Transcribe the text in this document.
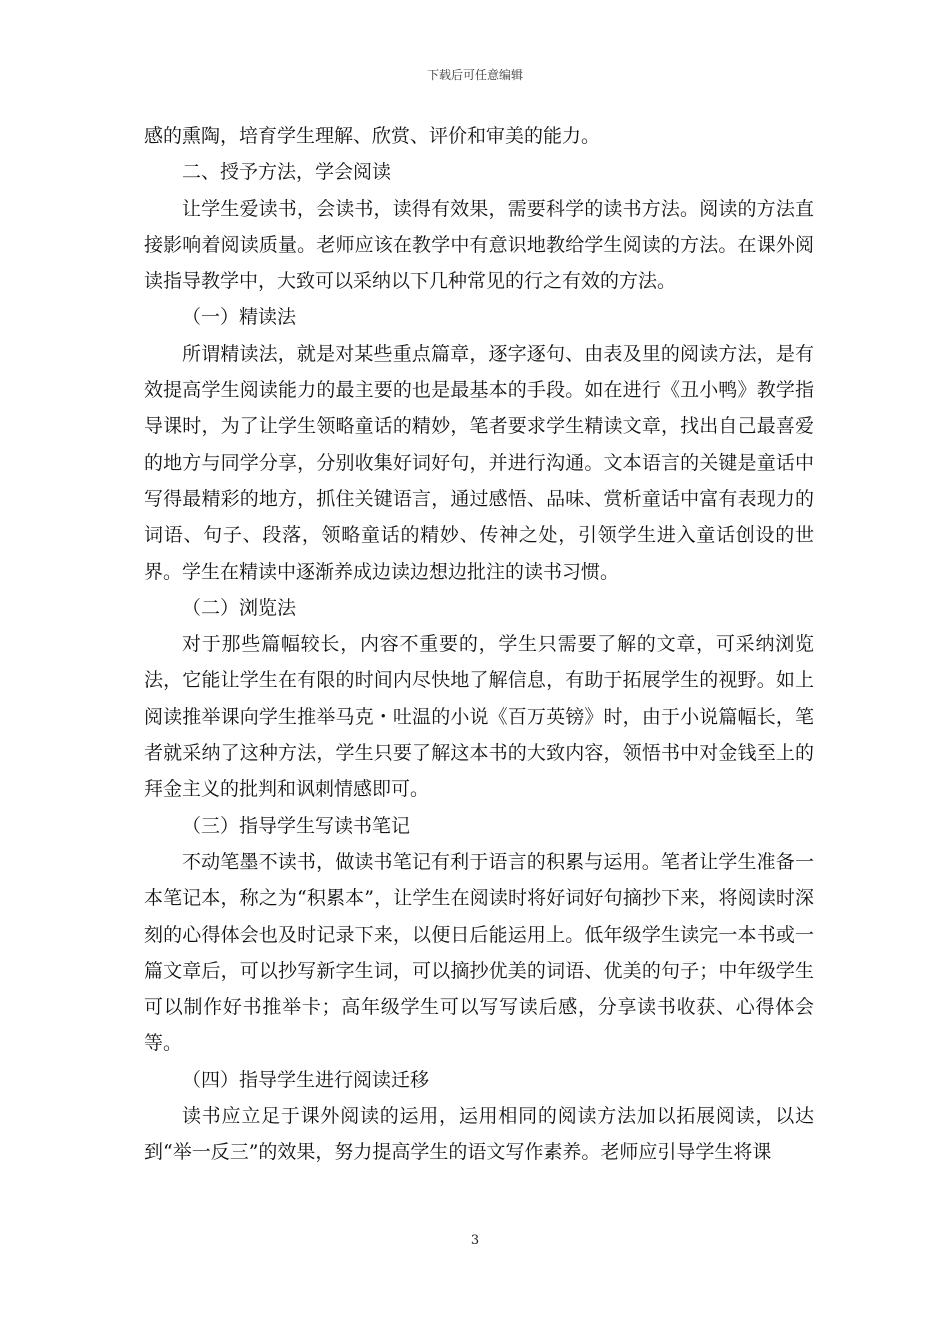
下载后可任意编辑

感的熏陶，培育学生理解、欣赏、评价和审美的能力。

二、授予方法，学会阅读

让学生爱读书，会读书，读得有效果，需要科学的读书方法。阅读的方法直接影响着阅读质量。老师应该在教学中有意识地教给学生阅读的方法。在课外阅读指导教学中，大致可以采纳以下几种常见的行之有效的方法。

（一）精读法

所谓精读法，就是对某些重点篇章，逐字逐句、由表及里的阅读方法，是有效提高学生阅读能力的最主要的也是最基本的手段。如在进行《丑小鸭》教学指导课时，为了让学生领略童话的精妙，笔者要求学生精读文章，找出自己最喜爱的地方与同学分享，分别收集好词好句，并进行沟通。文本语言的关键是童话中写得最精彩的地方，抓住关键语言，通过感悟、品味、赏析童话中富有表现力的词语、句子、段落，领略童话的精妙、传神之处，引领学生进入童话创设的世界。学生在精读中逐渐养成边读边想边批注的读书习惯。

（二）浏览法

对于那些篇幅较长，内容不重要的，学生只需要了解的文章，可采纳浏览法，它能让学生在有限的时间内尽快地了解信息，有助于拓展学生的视野。如上阅读推举课向学生推举马克・吐温的小说《百万英镑》时，由于小说篇幅长，笔者就采纳了这种方法，学生只要了解这本书的大致内容，领悟书中对金钱至上的拜金主义的批判和讽刺情感即可。

（三）指导学生写读书笔记

不动笔墨不读书，做读书笔记有利于语言的积累与运用。笔者让学生准备一本笔记本，称之为“积累本”，让学生在阅读时将好词好句摘抄下来，将阅读时深刻的心得体会也及时记录下来，以便日后能运用上。低年级学生读完一本书或一篇文章后，可以抄写新字生词，可以摘抄优美的词语、优美的句子；中年级学生可以制作好书推举卡；高年级学生可以写写读后感，分享读书收获、心得体会等。

（四）指导学生进行阅读迁移

读书应立足于课外阅读的运用，运用相同的阅读方法加以拓展阅读，以达到“举一反三”的效果，努力提高学生的语文写作素养。老师应引导学生将课

3
